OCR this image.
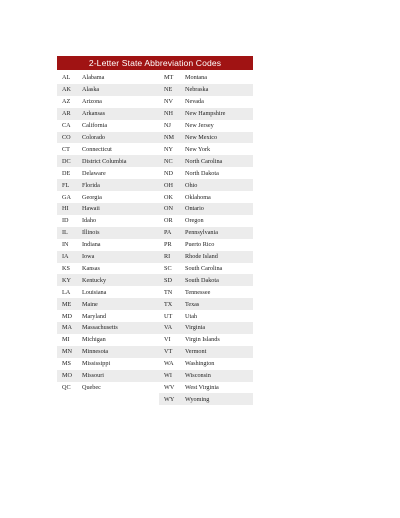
2-Letter State Abbreviation Codes
AL	Alabama	MT	Montana
AK	Alaska	NE	Nebraska
AZ	Arizona	NV	Nevada
AR	Arkansas	NH	New Hampshire
CA	California	NJ	New Jersey
CO	Colorado	NM	New Mexico
CT	Connecticut	NY	New York
DC	District Columbia	NC	North Carolina
DE	Delaware	ND	North Dakota
FL	Florida	OH	Ohio
GA	Georgia	OK	Oklahoma
HI	Hawaii	ON	Ontario
ID	Idaho	OR	Oregon
IL	Illinois	PA	Pennsylvania
IN	Indiana	PR	Puerto Rico
IA	Iowa	RI	Rhode Island
KS	Kansas	SC	South Carolina
KY	Kentucky	SD	South Dakota
LA	Louisiana	TN	Tennessee
ME	Maine	TX	Texas
MD	Maryland	UT	Utah
MA	Massachusetts	VA	Virginia
MI	Michigan	VI	Virgin Islands
MN	Minnesota	VT	Vermont
MS	Mississippi	WA	Washington
MO	Missouri	WI	Wisconsin
QC	Quebec	WV	West Virginia
		WY	Wyoming
